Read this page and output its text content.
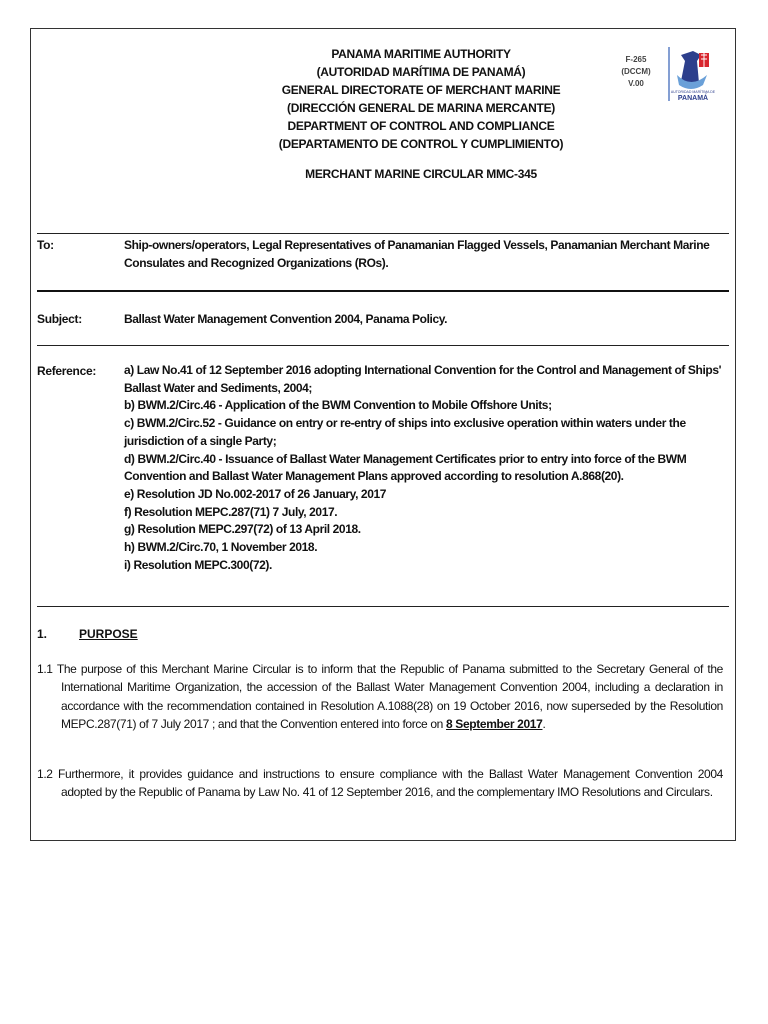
PANAMA MARITIME AUTHORITY
(AUTORIDAD MARÍTIMA DE PANAMÁ)
GENERAL DIRECTORATE OF MERCHANT MARINE
(DIRECCIÓN GENERAL DE MARINA MERCANTE)
DEPARTMENT OF CONTROL AND COMPLIANCE
(DEPARTAMENTO DE CONTROL Y CUMPLIMIENTO)
F-265
(DCCM)
V.00
AUTORIDAD MARÍTIMA DE
PANAMÁ
MERCHANT MARINE CIRCULAR MMC-345
To:	Ship-owners/operators, Legal Representatives of Panamanian Flagged Vessels, Panamanian Merchant Marine Consulates and Recognized Organizations (ROs).
Subject:	Ballast Water Management Convention 2004, Panama Policy.
Reference: a) Law No.41 of 12 September 2016 adopting International Convention for the Control and Management of Ships' Ballast Water and Sediments, 2004;
b) BWM.2/Circ.46 - Application of the BWM Convention to Mobile Offshore Units;
c) BWM.2/Circ.52 - Guidance on entry or re-entry of ships into exclusive operation within waters under the jurisdiction of a single Party;
d) BWM.2/Circ.40 - Issuance of Ballast Water Management Certificates prior to entry into force of the BWM Convention and Ballast Water Management Plans approved according to resolution A.868(20).
e) Resolution JD No.002-2017 of 26 January, 2017
f) Resolution MEPC.287(71) 7 July, 2017.
g) Resolution MEPC.297(72) of 13 April 2018.
h) BWM.2/Circ.70, 1 November 2018.
i) Resolution MEPC.300(72).
1.	PURPOSE
1.1 The purpose of this Merchant Marine Circular is to inform that the Republic of Panama submitted to the Secretary General of the International Maritime Organization, the accession of the Ballast Water Management Convention 2004, including a declaration in accordance with the recommendation contained in Resolution A.1088(28) on 19 October 2016, now superseded by the Resolution MEPC.287(71) of 7 July 2017 ; and that the Convention entered into force on 8 September 2017.
1.2 Furthermore, it provides guidance and instructions to ensure compliance with the Ballast Water Management Convention 2004 adopted by the Republic of Panama by Law No. 41 of 12 September 2016, and the complementary IMO Resolutions and Circulars.
